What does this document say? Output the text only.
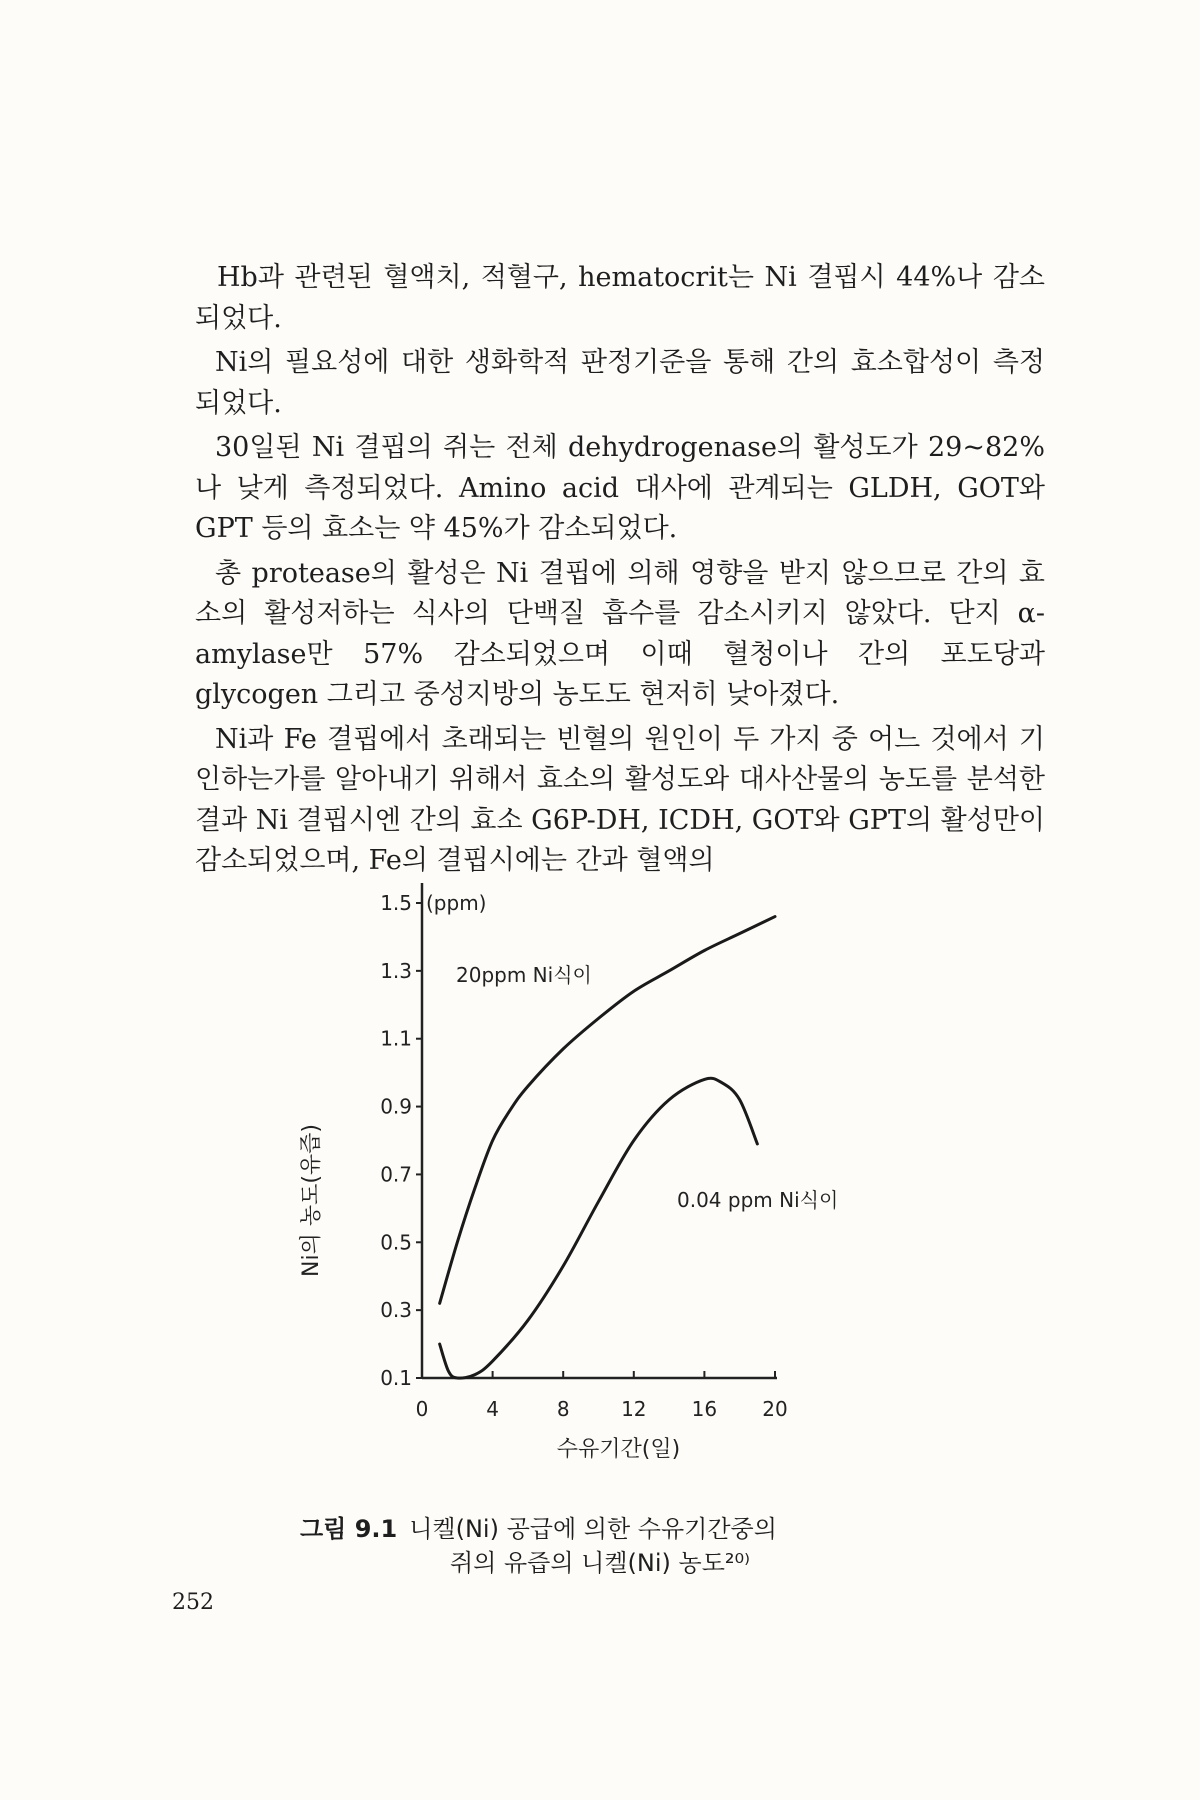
Hb과 관련된 혈액치, 적혈구, hematocrit는 Ni 결핍시 44%나 감소되었다.

Ni의 필요성에 대한 생화학적 판정기준을 통해 간의 효소합성이 측정되었다.

30일된 Ni 결핍의 쥐는 전체 dehydrogenase의 활성도가 29~82%나 낮게 측정되었다. Amino acid 대사에 관계되는 GLDH, GOT와 GPT 등의 효소는 약 45%가 감소되었다.

총 protease의 활성은 Ni 결핍에 의해 영향을 받지 않으므로 간의 효소의 활성저하는 식사의 단백질 흡수를 감소시키지 않았다. 단지 α-amylase만 57% 감소되었으며 이때 혈청이나 간의 포도당과 glycogen 그리고 중성지방의 농도도 현저히 낮아졌다.

Ni과 Fe 결핍에서 초래되는 빈혈의 원인이 두 가지 중 어느 것에서 기인하는가를 알아내기 위해서 효소의 활성도와 대사산물의 농도를 분석한 결과 Ni 결핍시엔 간의 효소 G6P-DH, ICDH, GOT와 GPT의 활성만이 감소되었으며, Fe의 결핍시에는 간과 혈액의

0.1
0.3
0.5
0.7
0.9
1.1
1.3
1.5
0	4	8	12 16 20
(ppm)
수유기간(일)
Ni의 농도(유즙)
20ppm Ni식이
0.04 ppm Ni식이
그림 9.1 니켈(Ni) 공급에 의한 수유기간중의
쥐의 유즙의 니켈(Ni) 농도²⁰⁾
252
